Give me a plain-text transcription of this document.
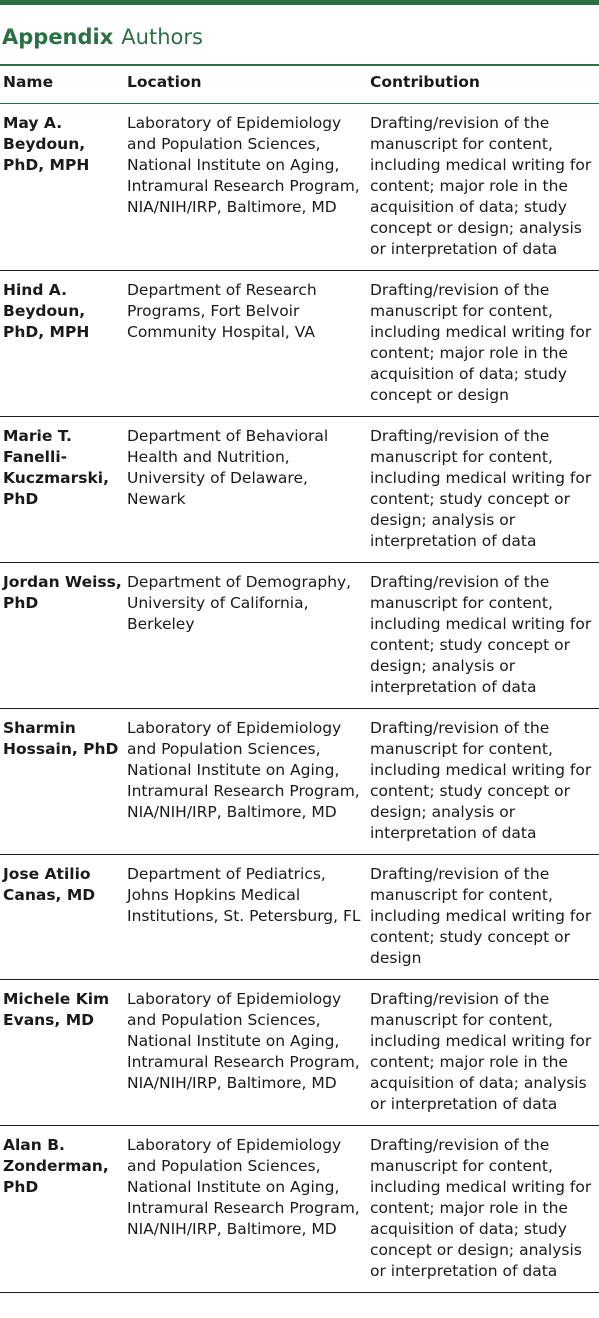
Appendix Authors
Name	Location	Contribution
May A. Beydoun, PhD, MPH	Laboratory of Epidemiology and Population Sciences, National Institute on Aging, Intramural Research Program, NIA/NIH/IRP, Baltimore, MD	Drafting/revision of the manuscript for content, including medical writing for content; major role in the acquisition of data; study concept or design; analysis or interpretation of data
Hind A. Beydoun, PhD, MPH	Department of Research Programs, Fort Belvoir Community Hospital, VA	Drafting/revision of the manuscript for content, including medical writing for content; major role in the acquisition of data; study concept or design
Marie T. Fanelli-Kuczmarski, PhD	Department of Behavioral Health and Nutrition, University of Delaware, Newark	Drafting/revision of the manuscript for content, including medical writing for content; study concept or design; analysis or interpretation of data
Jordan Weiss, PhD	Department of Demography, University of California, Berkeley	Drafting/revision of the manuscript for content, including medical writing for content; study concept or design; analysis or interpretation of data
Sharmin Hossain, PhD	Laboratory of Epidemiology and Population Sciences, National Institute on Aging, Intramural Research Program, NIA/NIH/IRP, Baltimore, MD	Drafting/revision of the manuscript for content, including medical writing for content; study concept or design; analysis or interpretation of data
Jose Atilio Canas, MD	Department of Pediatrics, Johns Hopkins Medical Institutions, St. Petersburg, FL	Drafting/revision of the manuscript for content, including medical writing for content; study concept or design
Michele Kim Evans, MD	Laboratory of Epidemiology and Population Sciences, National Institute on Aging, Intramural Research Program, NIA/NIH/IRP, Baltimore, MD	Drafting/revision of the manuscript for content, including medical writing for content; major role in the acquisition of data; analysis or interpretation of data
Alan B. Zonderman, PhD	Laboratory of Epidemiology and Population Sciences, National Institute on Aging, Intramural Research Program, NIA/NIH/IRP, Baltimore, MD	Drafting/revision of the manuscript for content, including medical writing for content; major role in the acquisition of data; study concept or design; analysis or interpretation of data
